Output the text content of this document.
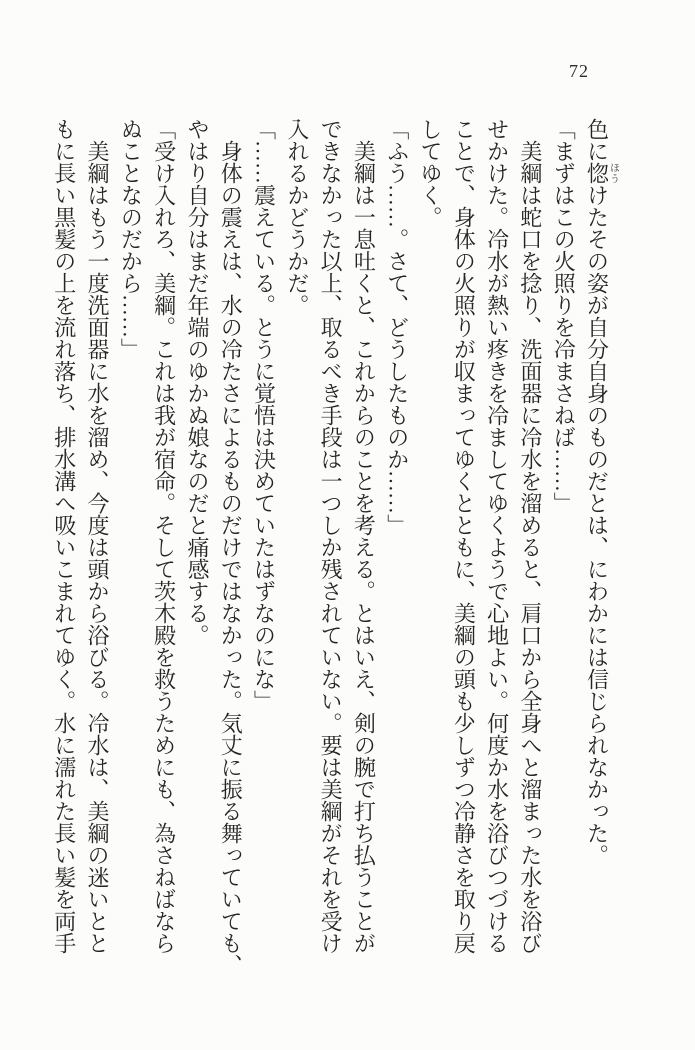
72
色に惚ほうけたその姿が自分自身のものだとは、にわかには信じられなかった。
「まずはこの火照りを冷まさねば……」
美綱は蛇口を捻り、洗面器に冷水を溜めると、肩口から全身へと溜まった水を浴び
せかけた。冷水が熱い疼きを冷ましてゆくようで心地よい。何度か水を浴びつづける
ことで、身体の火照りが収まってゆくとともに、美綱の頭も少しずつ冷静さを取り戻
してゆく。
「ふう……。さて、どうしたものか……」
美綱は一息吐くと、これからのことを考える。とはいえ、剣の腕で打ち払うことが
できなかった以上、取るべき手段は一つしか残されていない。要は美綱がそれを受け
入れるかどうかだ。
「……震えている。とうに覚悟は決めていたはずなのにな」
身体の震えは、水の冷たさによるものだけではなかった。気丈に振る舞っていても、
やはり自分はまだ年端のゆかぬ娘なのだと痛感する。
「受け入れろ、美綱。これは我が宿命。そして茨木殿を救うためにも、為さねばなら
ぬことなのだから……」
美綱はもう一度洗面器に水を溜め、今度は頭から浴びる。冷水は、美綱の迷いとと
もに長い黒髪の上を流れ落ち、排水溝へ吸いこまれてゆく。水に濡れた長い髪を両手
